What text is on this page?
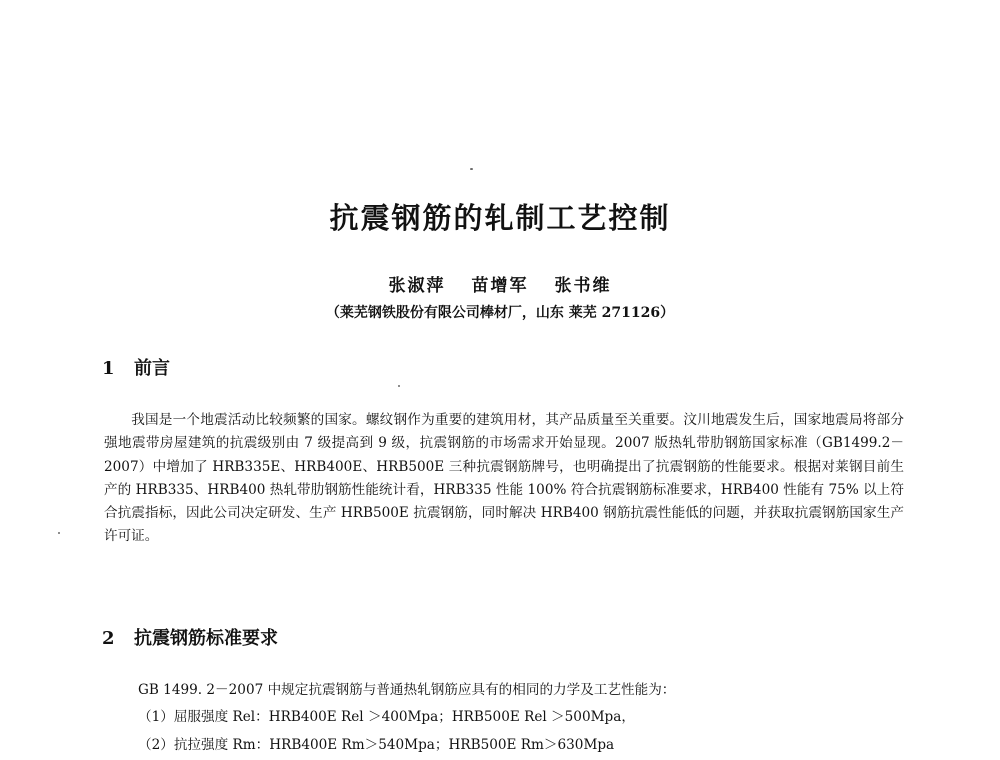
抗震钢筋的轧制工艺控制

张淑萍 苗增军 张书维

（莱芜钢铁股份有限公司棒材厂，山东 莱芜 271126）

1 前言

我国是一个地震活动比较频繁的国家。螺纹钢作为重要的建筑用材，其产品质量至关重要。汶川地震发生后，国家地震局将部分强地震带房屋建筑的抗震级别由 7 级提高到 9 级，抗震钢筋的市场需求开始显现。2007 版热轧带肋钢筋国家标准（GB1499.2－2007）中增加了 HRB335E、HRB400E、HRB500E 三种抗震钢筋牌号，也明确提出了抗震钢筋的性能要求。根据对莱钢目前生产的 HRB335、HRB400 热轧带肋钢筋性能统计看，HRB335 性能 100% 符合抗震钢筋标准要求，HRB400 性能有 75% 以上符合抗震指标，因此公司决定研发、生产 HRB500E 抗震钢筋，同时解决 HRB400 钢筋抗震性能低的问题，并获取抗震钢筋国家生产许可证。

2 抗震钢筋标准要求

GB 1499. 2－2007 中规定抗震钢筋与普通热轧钢筋应具有的相同的力学及工艺性能为：

（1）屈服强度 Rel：HRB400E Rel ＞400Mpa；HRB500E Rel ＞500Mpa，

（2）抗拉强度 Rm：HRB400E Rm＞540Mpa；HRB500E Rm＞630Mpa
